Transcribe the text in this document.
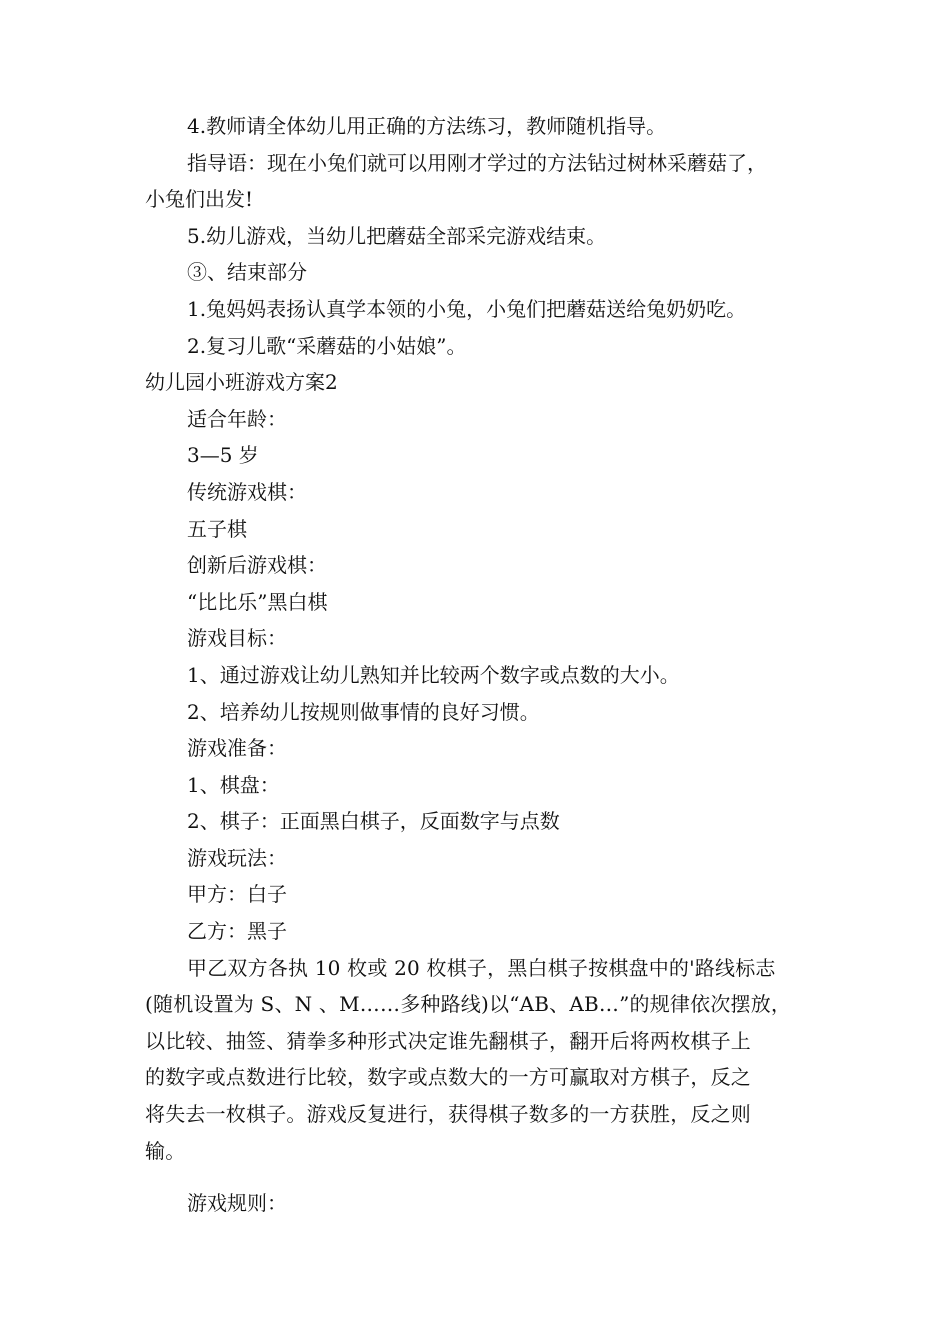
4.教师请全体幼儿用正确的方法练习，教师随机指导。
指导语：现在小兔们就可以用刚才学过的方法钻过树林采蘑菇了，
小兔们出发!
5.幼儿游戏，当幼儿把蘑菇全部采完游戏结束。
③、结束部分
1.兔妈妈表扬认真学本领的小兔，小兔们把蘑菇送给兔奶奶吃。
2.复习儿歌“采蘑菇的小姑娘”。
幼儿园小班游戏方案2
适合年龄：
3—5 岁
传统游戏棋：
五子棋
创新后游戏棋：
“比比乐”黑白棋
游戏目标：
1、通过游戏让幼儿熟知并比较两个数字或点数的大小。
2、培养幼儿按规则做事情的良好习惯。
游戏准备：
1、棋盘：
2、棋子：正面黑白棋子，反面数字与点数
游戏玩法：
甲方：白子
乙方：黑子
甲乙双方各执 10 枚或 20 枚棋子，黑白棋子按棋盘中的'路线标志
(随机设置为 S、N 、M……多种路线)以“AB、AB…”的规律依次摆放，
以比较、抽签、猜拳多种形式决定谁先翻棋子，翻开后将两枚棋子上
的数字或点数进行比较，数字或点数大的一方可赢取对方棋子，反之
将失去一枚棋子。游戏反复进行，获得棋子数多的一方获胜，反之则
输。
游戏规则：
